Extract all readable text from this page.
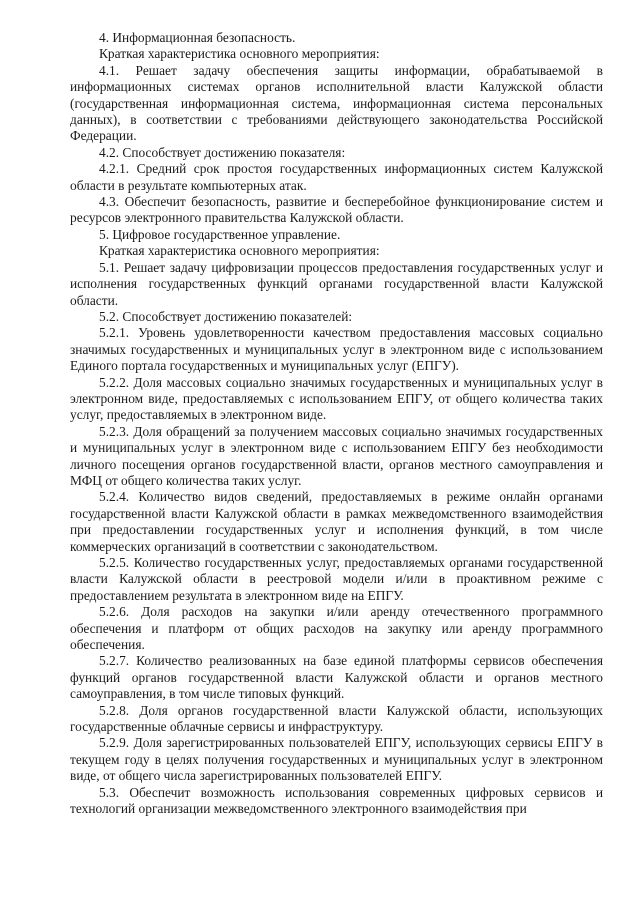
4. Информационная безопасность.

Краткая характеристика основного мероприятия:

4.1. Решает задачу обеспечения защиты информации, обрабатываемой в информационных системах органов исполнительной власти Калужской области (государственная информационная система, информационная система персональных данных), в соответствии с требованиями действующего законодательства Российской Федерации.

4.2. Способствует достижению показателя:

4.2.1. Средний срок простоя государственных информационных систем Калужской области в результате компьютерных атак.

4.3. Обеспечит безопасность, развитие и бесперебойное функционирование систем и ресурсов электронного правительства Калужской области.

5. Цифровое государственное управление.

Краткая характеристика основного мероприятия:

5.1. Решает задачу цифровизации процессов предоставления государственных услуг и исполнения государственных функций органами государственной власти Калужской области.

5.2. Способствует достижению показателей:

5.2.1. Уровень удовлетворенности качеством предоставления массовых социально значимых государственных и муниципальных услуг в электронном виде с использованием Единого портала государственных и муниципальных услуг (ЕПГУ).

5.2.2. Доля массовых социально значимых государственных и муниципальных услуг в электронном виде, предоставляемых с использованием ЕПГУ, от общего количества таких услуг, предоставляемых в электронном виде.

5.2.3. Доля обращений за получением массовых социально значимых государственных и муниципальных услуг в электронном виде с использованием ЕПГУ без необходимости личного посещения органов государственной власти, органов местного самоуправления и МФЦ от общего количества таких услуг.

5.2.4. Количество видов сведений, предоставляемых в режиме онлайн органами государственной власти Калужской области в рамках межведомственного взаимодействия при предоставлении государственных услуг и исполнения функций, в том числе коммерческих организаций в соответствии с законодательством.

5.2.5. Количество государственных услуг, предоставляемых органами государственной власти Калужской области в реестровой модели и/или в проактивном режиме с предоставлением результата в электронном виде на ЕПГУ.

5.2.6. Доля расходов на закупки и/или аренду отечественного программного обеспечения и платформ от общих расходов на закупку или аренду программного обеспечения.

5.2.7. Количество реализованных на базе единой платформы сервисов обеспечения функций органов государственной власти Калужской области и органов местного самоуправления, в том числе типовых функций.

5.2.8. Доля органов государственной власти Калужской области, использующих государственные облачные сервисы и инфраструктуру.

5.2.9. Доля зарегистрированных пользователей ЕПГУ, использующих сервисы ЕПГУ в текущем году в целях получения государственных и муниципальных услуг в электронном виде, от общего числа зарегистрированных пользователей ЕПГУ.

5.3. Обеспечит возможность использования современных цифровых сервисов и технологий организации межведомственного электронного взаимодействия при
